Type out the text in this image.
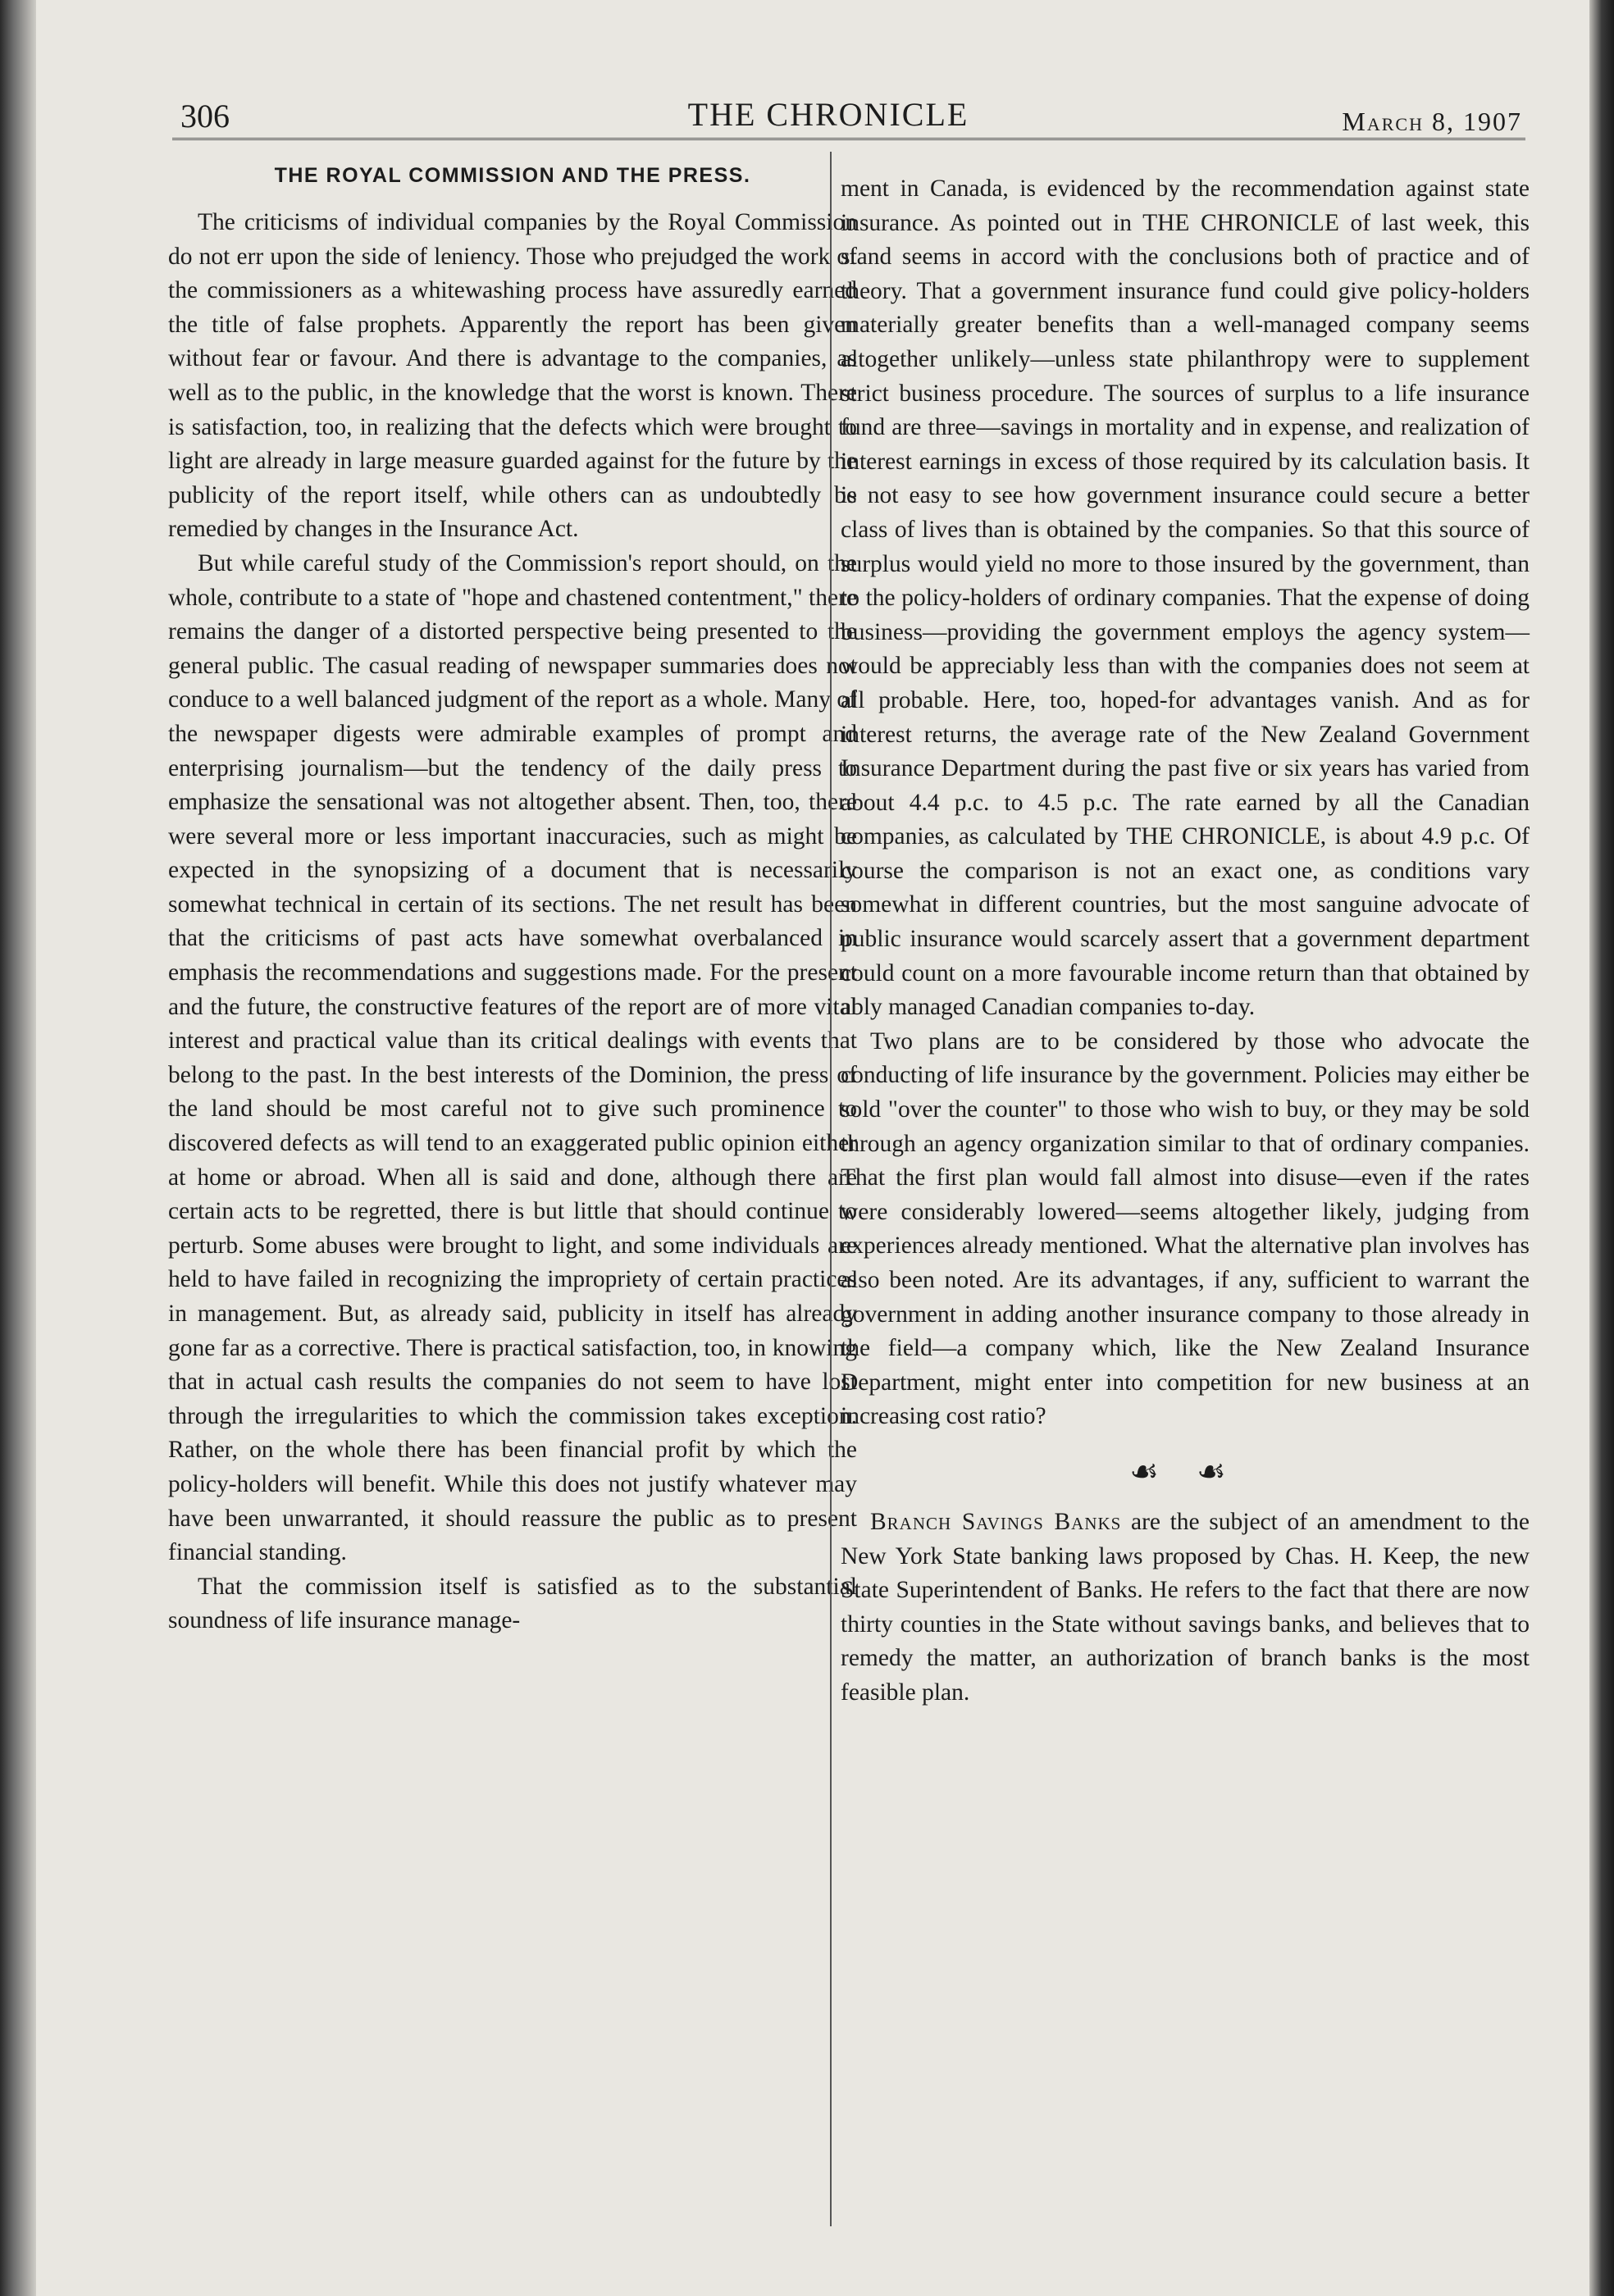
306	THE CHRONICLE	March 8, 1907
THE ROYAL COMMISSION AND THE PRESS.

The criticisms of individual companies by the Royal Commission do not err upon the side of leniency. Those who prejudged the work of the commissioners as a whitewashing process have assuredly earned the title of false prophets. Apparently the report has been given without fear or favour. And there is advantage to the companies, as well as to the public, in the knowledge that the worst is known. There is satisfaction, too, in realizing that the defects which were brought to light are already in large measure guarded against for the future by the publicity of the report itself, while others can as undoubtedly be remedied by changes in the Insurance Act.

But while careful study of the Commission's report should, on the whole, contribute to a state of "hope and chastened contentment," there remains the danger of a distorted perspective being presented to the general public. The casual reading of newspaper summaries does not conduce to a well balanced judgment of the report as a whole. Many of the newspaper digests were admirable examples of prompt and enterprising journalism—but the tendency of the daily press to emphasize the sensational was not altogether absent. Then, too, there were several more or less important inaccuracies, such as might be expected in the synopsizing of a document that is necessarily somewhat technical in certain of its sections. The net result has been that the criticisms of past acts have somewhat overbalanced in emphasis the recommendations and suggestions made. For the present and the future, the constructive features of the report are of more vital interest and practical value than its critical dealings with events that belong to the past. In the best interests of the Dominion, the press of the land should be most careful not to give such prominence to discovered defects as will tend to an exaggerated public opinion either at home or abroad. When all is said and done, although there are certain acts to be regretted, there is but little that should continue to perturb. Some abuses were brought to light, and some individuals are held to have failed in recognizing the impropriety of certain practices in management. But, as already said, publicity in itself has already gone far as a corrective. There is practical satisfaction, too, in knowing that in actual cash results the companies do not seem to have lost through the irregularities to which the commission takes exception. Rather, on the whole there has been financial profit by which the policy-holders will benefit. While this does not justify whatever may have been unwarranted, it should reassure the public as to present financial standing.

That the commission itself is satisfied as to the substantial soundness of life insurance manage-

ment in Canada, is evidenced by the recommendation against state insurance. As pointed out in THE CHRONICLE of last week, this stand seems in accord with the conclusions both of practice and of theory. That a government insurance fund could give policy-holders materially greater benefits than a well-managed company seems altogether unlikely—unless state philanthropy were to supplement strict business procedure. The sources of surplus to a life insurance fund are three—savings in mortality and in expense, and realization of interest earnings in excess of those required by its calculation basis. It is not easy to see how government insurance could secure a better class of lives than is obtained by the companies. So that this source of surplus would yield no more to those insured by the government, than to the policy-holders of ordinary companies. That the expense of doing business—providing the government employs the agency system—would be appreciably less than with the companies does not seem at all probable. Here, too, hoped-for advantages vanish. And as for interest returns, the average rate of the New Zealand Government Insurance Department during the past five or six years has varied from about 4.4 p.c. to 4.5 p.c. The rate earned by all the Canadian companies, as calculated by THE CHRONICLE, is about 4.9 p.c. Of course the comparison is not an exact one, as conditions vary somewhat in different countries, but the most sanguine advocate of public insurance would scarcely assert that a government department could count on a more favourable income return than that obtained by ably managed Canadian companies to-day.

Two plans are to be considered by those who advocate the conducting of life insurance by the government. Policies may either be sold "over the counter" to those who wish to buy, or they may be sold through an agency organization similar to that of ordinary companies. That the first plan would fall almost into disuse—even if the rates were considerably lowered—seems altogether likely, judging from experiences already mentioned. What the alternative plan involves has also been noted. Are its advantages, if any, sufficient to warrant the government in adding another insurance company to those already in the field—a company which, like the New Zealand Insurance Department, might enter into competition for new business at an increasing cost ratio?

☙ ☙

Branch Savings Banks are the subject of an amendment to the New York State banking laws proposed by Chas. H. Keep, the new State Superintendent of Banks. He refers to the fact that there are now thirty counties in the State without savings banks, and believes that to remedy the matter, an authorization of branch banks is the most feasible plan.
